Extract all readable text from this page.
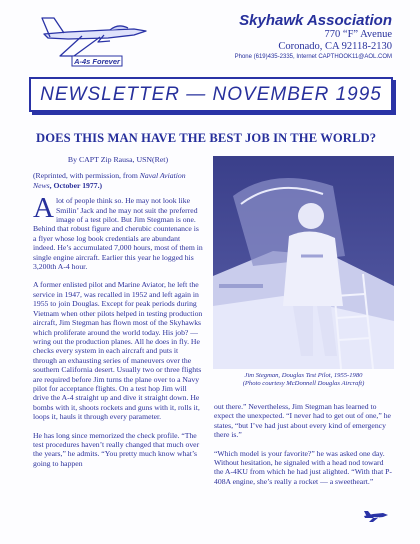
A-4s Forever
Skyhawk Association
770 “F” Avenue
Coronado, CA 92118-2130
Phone (619)435-2335, Internet CAPTHOOK11@AOL.COM
NEWSLETTER — NOVEMBER 1995
DOES THIS MAN HAVE THE BEST JOB IN THE WORLD?
By CAPT Zip Rausa, USN(Ret)
(Reprinted, with permission, from Naval Aviation News, October 1977.)
Alot of people think so. He may not look like Smilin’ Jack and he may not suit the preferred image of a test pilot. But Jim Stegman is one. Behind that robust figure and cherubic countenance is a flyer whose log book credentials are abundant indeed. He’s accumulated 7,000 hours, most of them in single engine aircraft. Earlier this year he logged his 3,200th A-4 hour.
A former enlisted pilot and Marine Aviator, he left the service in 1947, was recalled in 1952 and left again in 1955 to join Douglas. Except for peak periods during Vietnam when other pilots helped in testing production aircraft, Jim Stegman has flown most of the Skyhawks which proliferate around the world today. His job? — wring out the production planes. All he does in fly. He checks every system in each aircraft and puts it through an exhausting series of maneuvers over the southern California desert. Usually two or three flights are required before Jim turns the plane over to a Navy pilot for acceptance flights. On a test hop Jim will drive the A-4 straight up and dive it straight down. He bombs with it, shoots rockets and guns with it, rolls it, loops it, hauls it through every parameter.
He has long since memorized the check profile. “The test procedures haven’t really changed that much over the years,” he admits. “You pretty much know what’s going to happen
Jim Stegman, Douglas Test Pilot, 1955-1980
(Photo courtesy McDonnell Douglas Aircraft)
out there.” Nevertheless, Jim Stegman has learned to expect the unexpected. “I never had to get out of one,” he states, “but I’ve had just about every kind of emergency there is.”
“Which model is your favorite?” he was asked one day. Without hesitation, he signaled with a head nod toward the A-4KU from which he had just alighted. “With that P-408A engine, she’s really a rocket — a sweetheart.”
